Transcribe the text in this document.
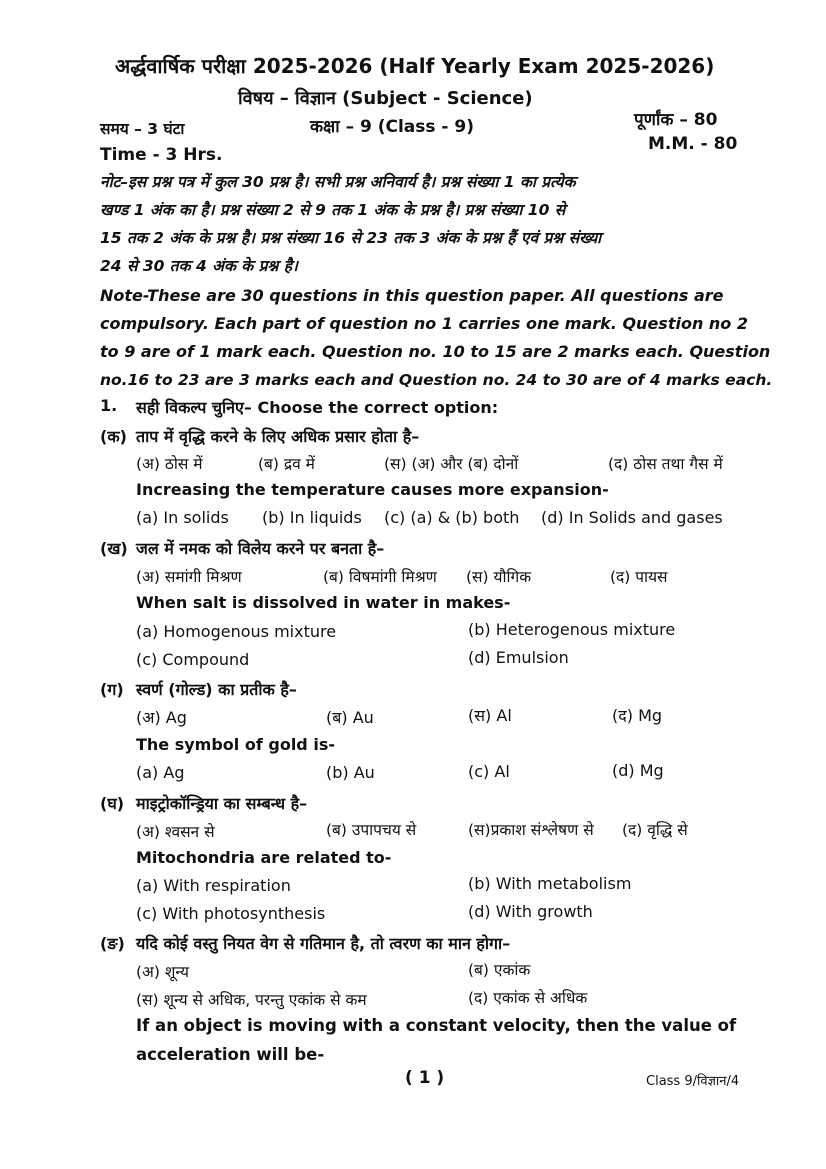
अर्द्धवार्षिक परीक्षा 2025-2026 (Half Yearly Exam 2025-2026)
विषय – विज्ञान (Subject - Science)
समय – 3 घंटा	कक्षा – 9 (Class - 9)	पूर्णांक – 80
Time - 3 Hrs.
M.M. - 80
नोट–इस प्रश्न पत्र में कुल 30 प्रश्न है। सभी प्रश्न अनिवार्य है। प्रश्न संख्या 1 का प्रत्येक
खण्ड 1 अंक का है। प्रश्न संख्या 2 से 9 तक 1 अंक के प्रश्न है। प्रश्न संख्या 10 से
15 तक 2 अंक के प्रश्न है। प्रश्न संख्या 16 से 23 तक 3 अंक के प्रश्न हैं एवं प्रश्न संख्या
24 से 30 तक 4 अंक के प्रश्न है।
Note-These are 30 questions in this question paper. All questions are
compulsory. Each part of question no 1 carries one mark. Question no 2
to 9 are of 1 mark each. Question no. 10 to 15 are 2 marks each. Question
no.16 to 23 are 3 marks each and Question no. 24 to 30 are of 4 marks each.
1. सही विकल्प चुनिए– Choose the correct option:
(क) ताप में वृद्धि करने के लिए अधिक प्रसार होता है–
(अ) ठोस में	(ब) द्रव में	(स) (अ) और (ब) दोनों	(द) ठोस तथा गैस में
Increasing the temperature causes more expansion-
(a) In solids (b) In liquids (c) (a) & (b) both (d) In Solids and gases
(ख) जल में नमक को विलेय करने पर बनता है–
(अ) समांगी मिश्रण	(ब) विषमांगी मिश्रण (स) यौगिक	(द) पायस
When salt is dissolved in water in makes-
(a) Homogenous mixture	(b) Heterogenous mixture
(c) Compound	(d) Emulsion
(ग) स्वर्ण (गोल्ड) का प्रतीक है–
(अ) Ag	(ब) Au	(स) Al	(द) Mg
The symbol of gold is-
(a) Ag	(b) Au	(c) Al	(d) Mg
(घ) माइट्रोकॉन्ड्रिया का सम्बन्ध है–
(अ) श्वसन से	(ब) उपापचय से	(स)प्रकाश संश्लेषण से (द) वृद्धि से
Mitochondria are related to-
(a) With respiration	(b) With metabolism
(c) With photosynthesis	(d) With growth
(ङ) यदि कोई वस्तु नियत वेग से गतिमान है, तो त्वरण का मान होगा–
(अ) शून्य	(ब) एकांक
(स) शून्य से अधिक, परन्तु एकांक से कम	(द) एकांक से अधिक
If an object is moving with a constant velocity, then the value of
acceleration will be-
( 1 )	Class 9/विज्ञान/4
